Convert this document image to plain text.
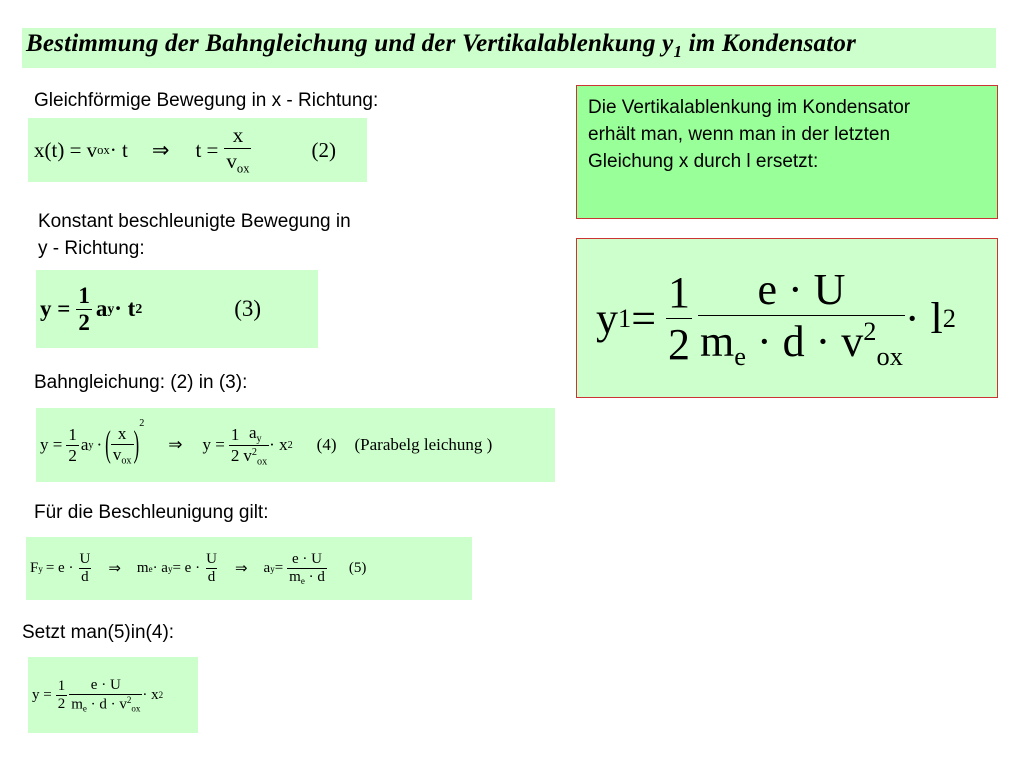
Bestimmung der Bahngleichung und der Vertikalablenkung $y_1$ im Kondensator
Gleichförmige Bewegung in x - Richtung:
x(t) = v ox · t ⇒ $t = \frac{x}{v_{ox}}$	(2)
Konstant beschleunigte Bewegung in
y - Richtung:
$y = \frac{1}{2}$ a y · t 2	(3)
Bahngleichung: (2) in (3):
$y = \frac{1}{2}$ a y · ( $\frac{x}{v_{ox}}$ ) 2
⇒ $y = \frac{1}{2} \frac{a_y}{v^2_{ox}} \cdot x$ 2 (4) (Parabelg leichung )
Für die Beschleunigung gilt:
F $y = e \cdot \frac{U}{d}$ ⇒ m e · a $y = e \cdot \frac{U}{d}$ ⇒ a $y = \frac{e \cdot U}{m_e \cdot d} (5)$
Setzt man(5)in(4):
$y = \frac{1}{2} \frac{e \cdot U}{m_e \cdot d \cdot v^2_{ox}} \cdot x$ 2
Die Vertikalablenkung im Kondensator erhält man, wenn man in der letzten Gleichung x durch l ersetzt:
y $1 = \frac{1}{2} \frac{e \cdot U}{m_e \cdot d \cdot v^2_{ox}} \cdot l$ 2
